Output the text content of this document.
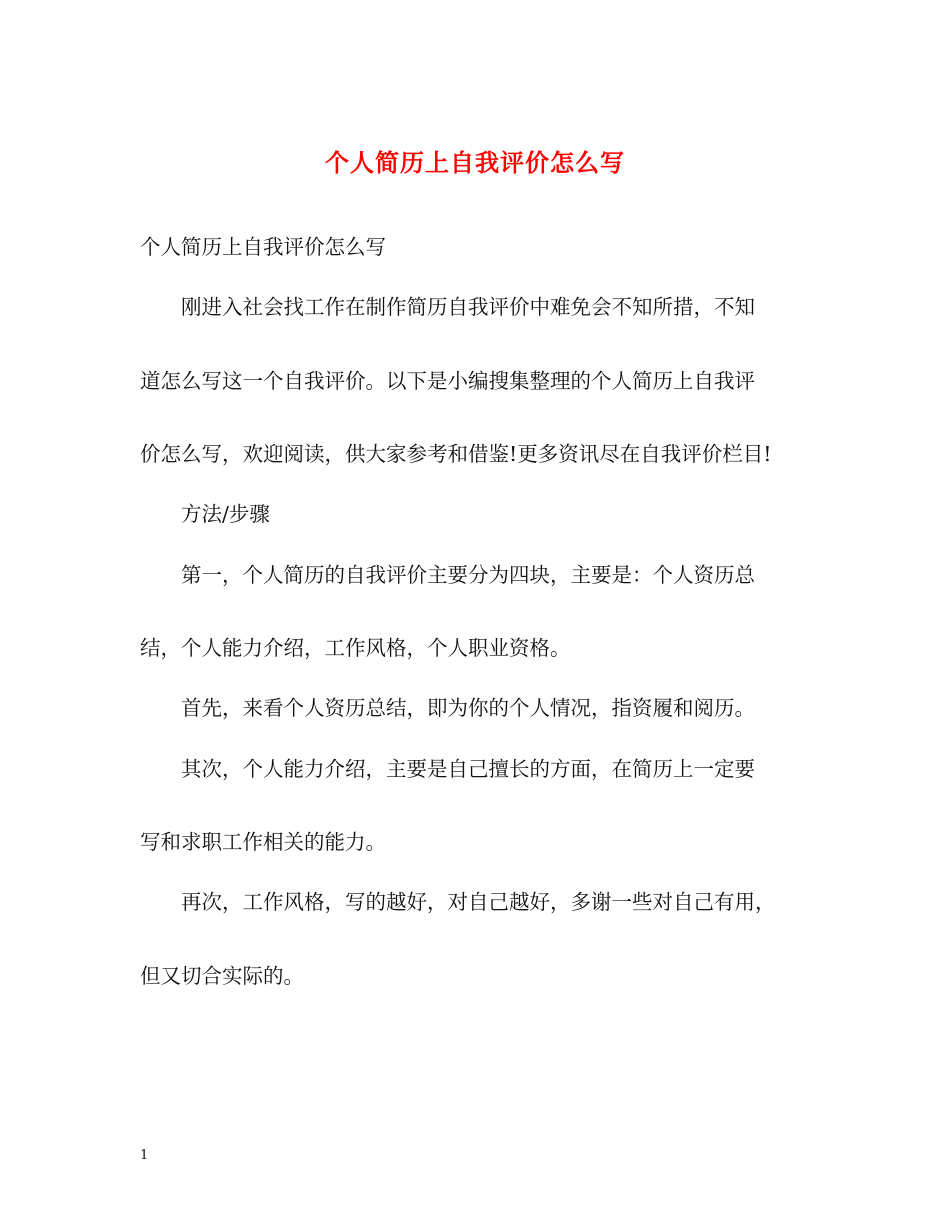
个人简历上自我评价怎么写
个人简历上自我评价怎么写
刚进入社会找工作在制作简历自我评价中难免会不知所措，不知
道怎么写这一个自我评价。以下是小编搜集整理的个人简历上自我评
价怎么写，欢迎阅读，供大家参考和借鉴!更多资讯尽在自我评价栏目!
方法/步骤
第一，个人简历的自我评价主要分为四块，主要是：个人资历总
结，个人能力介绍，工作风格，个人职业资格。
首先，来看个人资历总结，即为你的个人情况，指资履和阅历。
其次，个人能力介绍，主要是自己擅长的方面，在简历上一定要
写和求职工作相关的能力。
再次，工作风格，写的越好，对自己越好，多谢一些对自己有用，
但又切合实际的。
1
